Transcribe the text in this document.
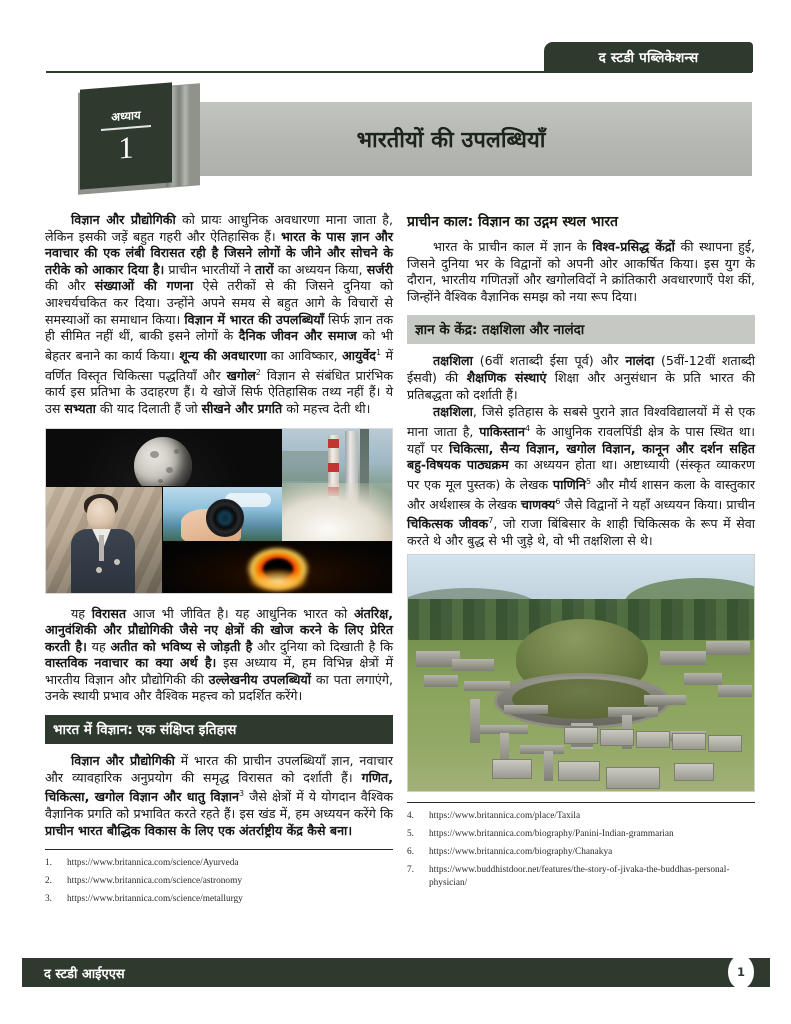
द स्टडी पब्लिकेशन्स
भारतीयों की उपलब्धियाँ
अध्याय
1

विज्ञान और प्रौद्योगिकी को प्रायः आधुनिक अवधारणा माना जाता है, लेकिन इसकी जड़ें बहुत गहरी और ऐतिहासिक हैं। भारत के पास ज्ञान और नवाचार की एक लंबी विरासत रही है जिसने लोगों के जीने और सोचने के तरीके को आकार दिया है। प्राचीन भारतीयों ने तारों का अध्ययन किया, सर्जरी की और संख्याओं की गणना ऐसे तरीकों से की जिसने दुनिया को आश्चर्यचकित कर दिया। उन्होंने अपने समय से बहुत आगे के विचारों से समस्याओं का समाधान किया। विज्ञान में भारत की उपलब्धियाँ सिर्फ ज्ञान तक ही सीमित नहीं थीं, बाकी इसने लोगों के दैनिक जीवन और समाज को भी बेहतर बनाने का कार्य किया। शून्य की अवधारणा का आविष्कार, आयुर्वेद$^1$ में वर्णित विस्तृत चिकित्सा पद्धतियाँ और खगोल$^2$ विज्ञान से संबंधित प्रारंभिक कार्य इस प्रतिभा के उदाहरण हैं। ये खोजें सिर्फ ऐतिहासिक तथ्य नहीं हैं। ये उस सभ्यता की याद दिलाती हैं जो सीखने और प्रगति को महत्त्व देती थी।

यह विरासत आज भी जीवित है। यह आधुनिक भारत को अंतरिक्ष, आनुवंशिकी और प्रौद्योगिकी जैसे नए क्षेत्रों की खोज करने के लिए प्रेरित करती है। यह अतीत को भविष्य से जोड़ती है और दुनिया को दिखाती है कि वास्तविक नवाचार का क्या अर्थ है। इस अध्याय में, हम विभिन्न क्षेत्रों में भारतीय विज्ञान और प्रौद्योगिकी की उल्लेखनीय उपलब्धियों का पता लगाएंगे, उनके स्थायी प्रभाव और वैश्विक महत्त्व को प्रदर्शित करेंगे।

भारत में विज्ञान: एक संक्षिप्त इतिहास

विज्ञान और प्रौद्योगिकी में भारत की प्राचीन उपलब्धियाँ ज्ञान, नवाचार और व्यावहारिक अनुप्रयोग की समृद्ध विरासत को दर्शाती हैं। गणित, चिकित्सा, खगोल विज्ञान और धातु विज्ञान$^3$ जैसे क्षेत्रों में ये योगदान वैश्विक वैज्ञानिक प्रगति को प्रभावित करते रहते हैं। इस खंड में, हम अध्ययन करेंगे कि प्राचीन भारत बौद्धिक विकास के लिए एक अंतर्राष्ट्रीय केंद्र कैसे बना।

1.	https://www.britannica.com/science/Ayurveda
2.	https://www.britannica.com/science/astronomy
3.	https://www.britannica.com/science/metallurgy
प्राचीन काल: विज्ञान का उद्गम स्थल भारत

भारत के प्राचीन काल में ज्ञान के विश्व-प्रसिद्ध केंद्रों की स्थापना हुई, जिसने दुनिया भर के विद्वानों को अपनी ओर आकर्षित किया। इस युग के दौरान, भारतीय गणितज्ञों और खगोलविदों ने क्रांतिकारी अवधारणाएँ पेश कीं, जिन्होंने वैश्विक वैज्ञानिक समझ को नया रूप दिया।

ज्ञान के केंद्र: तक्षशिला और नालंदा

तक्षशिला (6वीं शताब्दी ईसा पूर्व) और नालंदा (5वीं-12वीं शताब्दी ईसवी) की शैक्षणिक संस्थाएं शिक्षा और अनुसंधान के प्रति भारत की प्रतिबद्धता को दर्शाती हैं।

तक्षशिला, जिसे इतिहास के सबसे पुराने ज्ञात विश्वविद्यालयों में से एक माना जाता है, पाकिस्तान$^4$ के आधुनिक रावलपिंडी क्षेत्र के पास स्थित था। यहाँ पर चिकित्सा, सैन्य विज्ञान, खगोल विज्ञान, कानून और दर्शन सहित बहु-विषयक पाठ्यक्रम का अध्ययन होता था। अष्टाध्यायी (संस्कृत व्याकरण पर एक मूल पुस्तक) के लेखक पाणिनि$^5$ और मौर्य शासन कला के वास्तुकार और अर्थशास्त्र के लेखक चाणक्य$^6$ जैसे विद्वानों ने यहाँ अध्ययन किया। प्राचीन चिकित्सक जीवक$^7$, जो राजा बिंबिसार के शाही चिकित्सक के रूप में सेवा करते थे और बुद्ध से भी जुड़े थे, वो भी तक्षशिला से थे।

4.	https://www.britannica.com/place/Taxila
5.	https://www.britannica.com/biography/Panini-Indian-grammarian
6.	https://www.britannica.com/biography/Chanakya
7.	https://www.buddhistdoor.net/features/the-story-of-jivaka-the-buddhas-personal-physician/
द स्टडी आईएएस	1
